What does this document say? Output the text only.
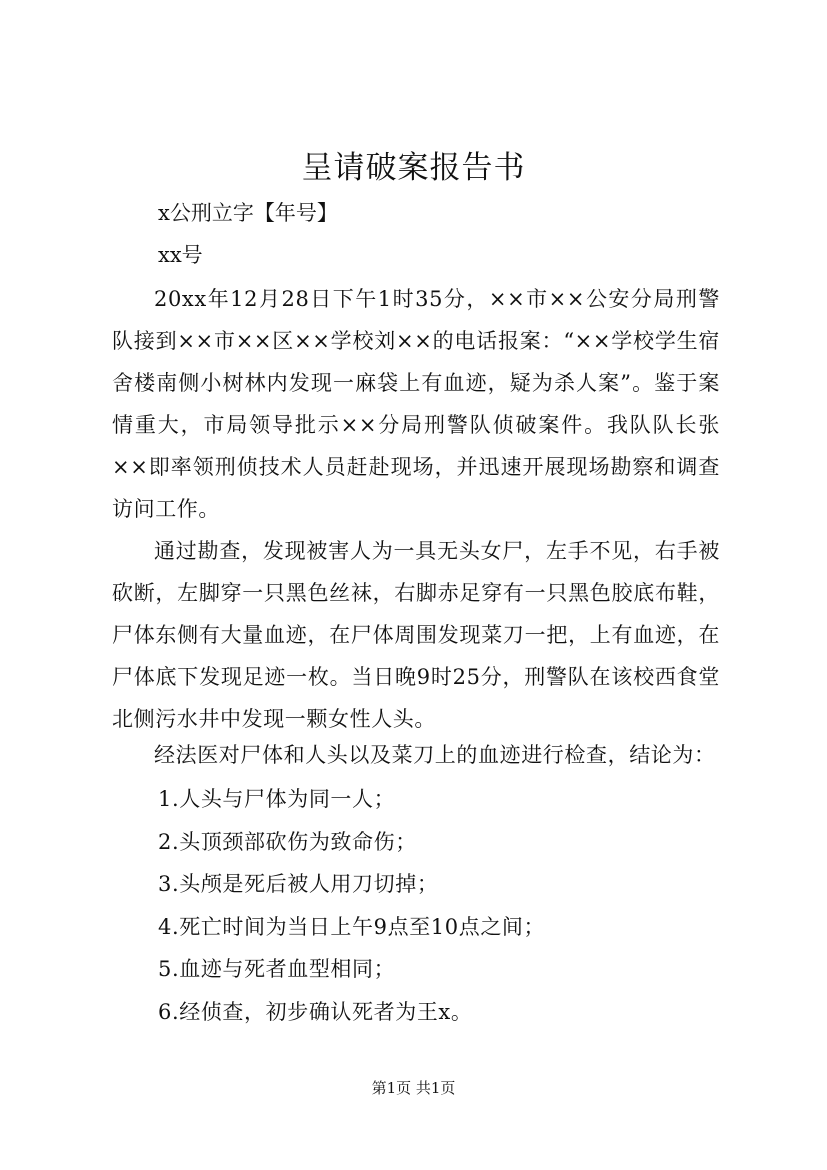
呈请破案报告书

x公刑立字【年号】

xx号

20xx年12月28日下午1时35分，××市××公安分局刑警队接到××市××区××学校刘××的电话报案：“××学校学生宿舍楼南侧小树林内发现一麻袋上有血迹，疑为杀人案”。鉴于案情重大，市局领导批示××分局刑警队侦破案件。我队队长张××即率领刑侦技术人员赶赴现场，并迅速开展现场勘察和调查访问工作。

通过勘查，发现被害人为一具无头女尸，左手不见，右手被砍断，左脚穿一只黑色丝袜，右脚赤足穿有一只黑色胶底布鞋，尸体东侧有大量血迹，在尸体周围发现菜刀一把，上有血迹，在尸体底下发现足迹一枚。当日晚9时25分，刑警队在该校西食堂北侧污水井中发现一颗女性人头。

经法医对尸体和人头以及菜刀上的血迹进行检查，结论为：

1.人头与尸体为同一人；
2.头顶颈部砍伤为致命伤；
3.头颅是死后被人用刀切掉；
4.死亡时间为当日上午9点至10点之间；
5.血迹与死者血型相同；
6.经侦查，初步确认死者为王x。

第1页 共1页
